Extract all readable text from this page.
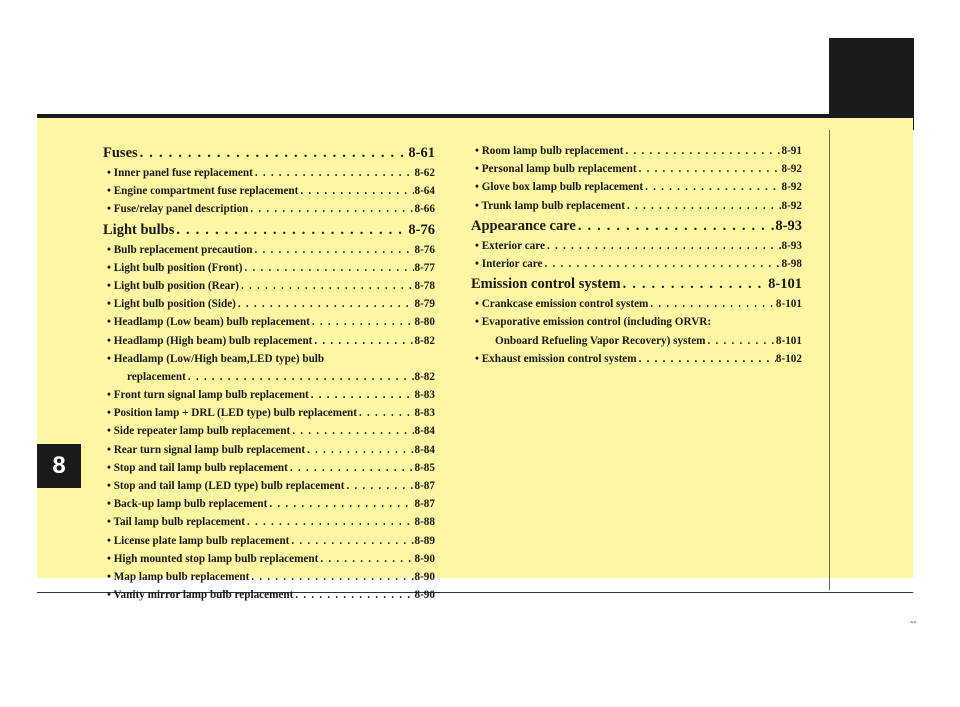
8
Fuses . . .	8-61
• Inner panel fuse replacement . . .	8-62
• Engine compartment fuse replacement . . .	8-64
• Fuse/relay panel description . . .	8-66
Light bulbs . . .	8-76
• Bulb replacement precaution . . .	8-76
• Light bulb position (Front) . . .	8-77
• Light bulb position (Rear) . . .	8-78
• Light bulb position (Side) . . .	8-79
• Headlamp (Low beam) bulb replacement . . .	8-80
• Headlamp (High beam) bulb replacement . . .	8-82
• Headlamp (Low/High beam,LED type) bulb
replacement . . .	8-82
• Front turn signal lamp bulb replacement . . .	8-83
• Position lamp + DRL (LED type) bulb replacement . . .	8-83
• Side repeater lamp bulb replacement . . .	8-84
• Rear turn signal lamp bulb replacement . . .	8-84
• Stop and tail lamp bulb replacement . . .	8-85
• Stop and tail lamp (LED type) bulb replacement . . .	8-87
• Back-up lamp bulb replacement . . .	8-87
• Tail lamp bulb replacement . . .	8-88
• License plate lamp bulb replacement . . .	8-89
• High mounted stop lamp bulb replacement . . .	8-90
• Map lamp bulb replacement . . .	8-90
• Vanity mirror lamp bulb replacement . . .	8-90
• Room lamp bulb replacement . . .	8-91
• Personal lamp bulb replacement . . .	8-92
• Glove box lamp bulb replacement . . .	8-92
• Trunk lamp bulb replacement . . .	8-92
Appearance care . . .	8-93
• Exterior care . . .	8-93
• Interior care . . .	8-98
Emission control system . . .	8-101
• Crankcase emission control system . . .	8-101
• Evaporative emission control (including ORVR:
Onboard Refueling Vapor Recovery) system . . .	8-101
• Exhaust emission control system . . .	8-102
--
